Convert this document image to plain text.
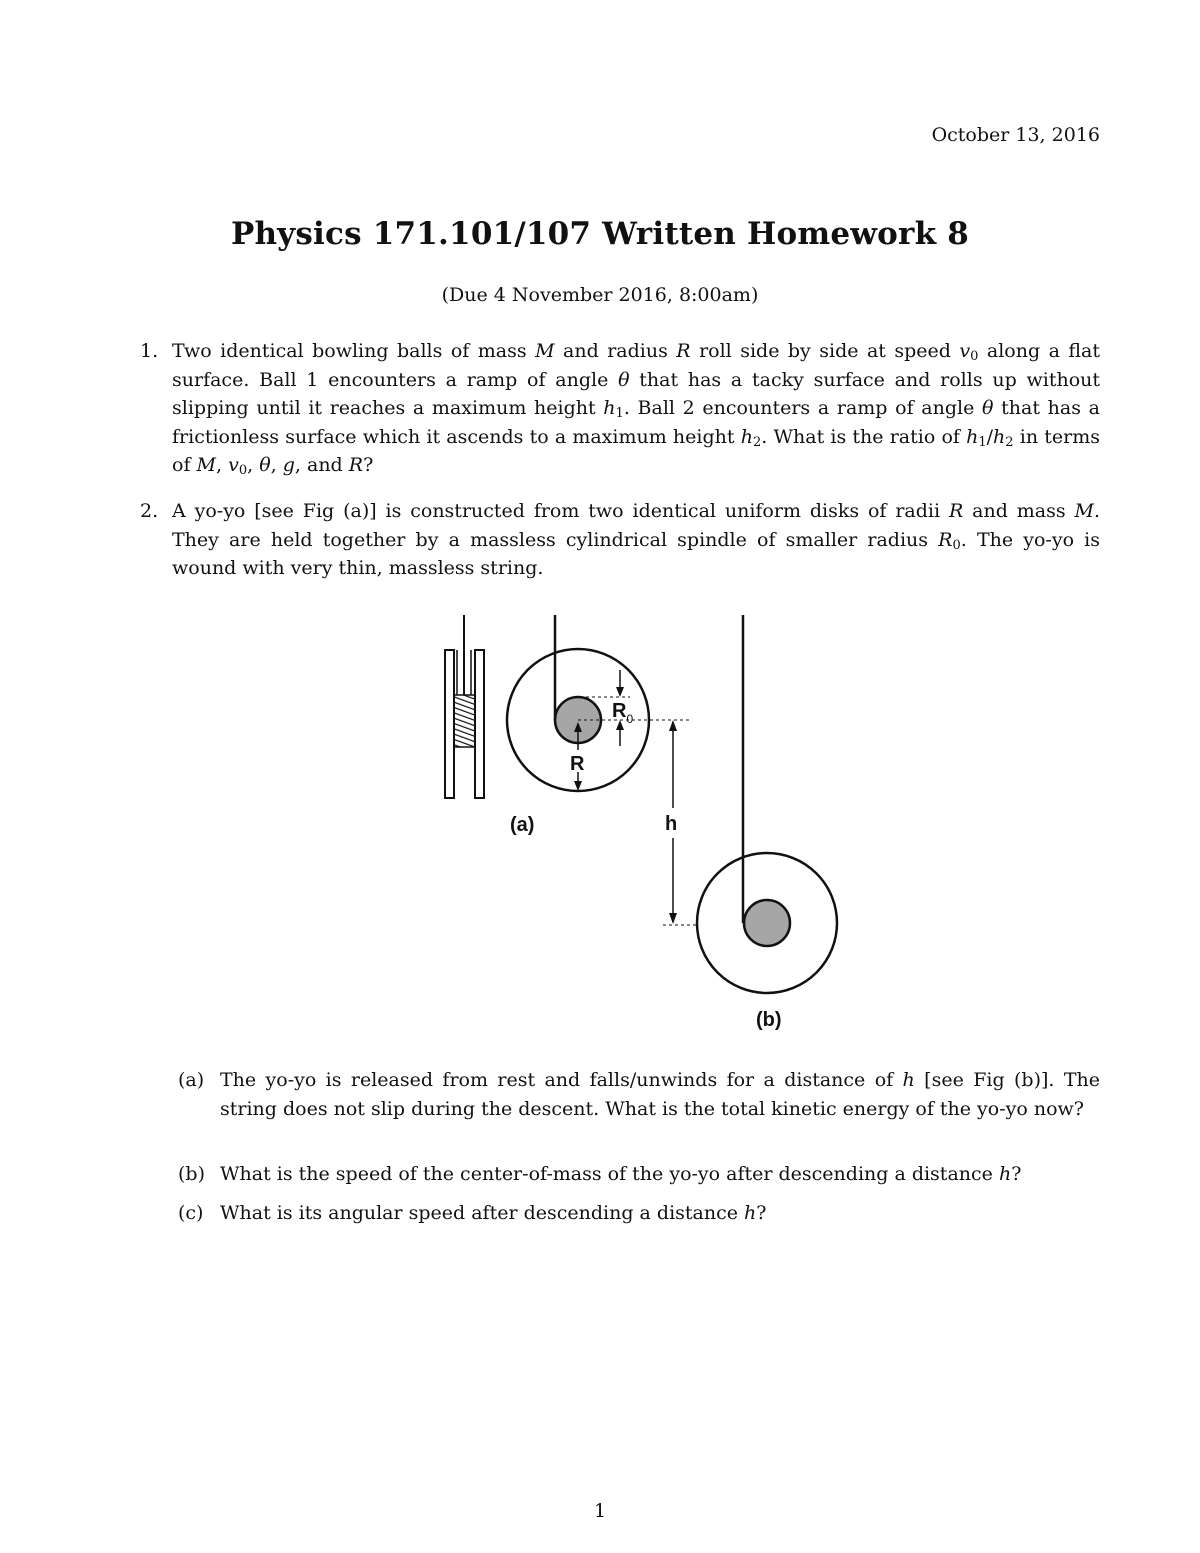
October 13, 2016
Physics 171.101/107 Written Homework 8
(Due 4 November 2016, 8:00am)
1. Two identical bowling balls of mass M and radius R roll side by side at speed $v_0$ along a flat surface. Ball 1 encounters a ramp of angle θ that has a tacky surface and rolls up without slipping until it reaches a maximum height $h_1$. Ball 2 encounters a ramp of angle θ that has a frictionless surface which it ascends to a maximum height $h_2$. What is the ratio of $h_1/h_2$ in terms of M, $v_0$, θ, g, and R?
2. A yo-yo [see Fig (a)] is constructed from two identical uniform disks of radii R and mass M. They are held together by a massless cylindrical spindle of smaller radius $R_0$. The yo-yo is wound with very thin, massless string.
R
$R_0$
(a)	h
(b)
(a) The yo-yo is released from rest and falls/unwinds for a distance of h [see Fig (b)]. The string does not slip during the descent. What is the total kinetic energy of the yo-yo now?
(b) What is the speed of the center-of-mass of the yo-yo after descending a distance h?
(c) What is its angular speed after descending a distance h?
1
